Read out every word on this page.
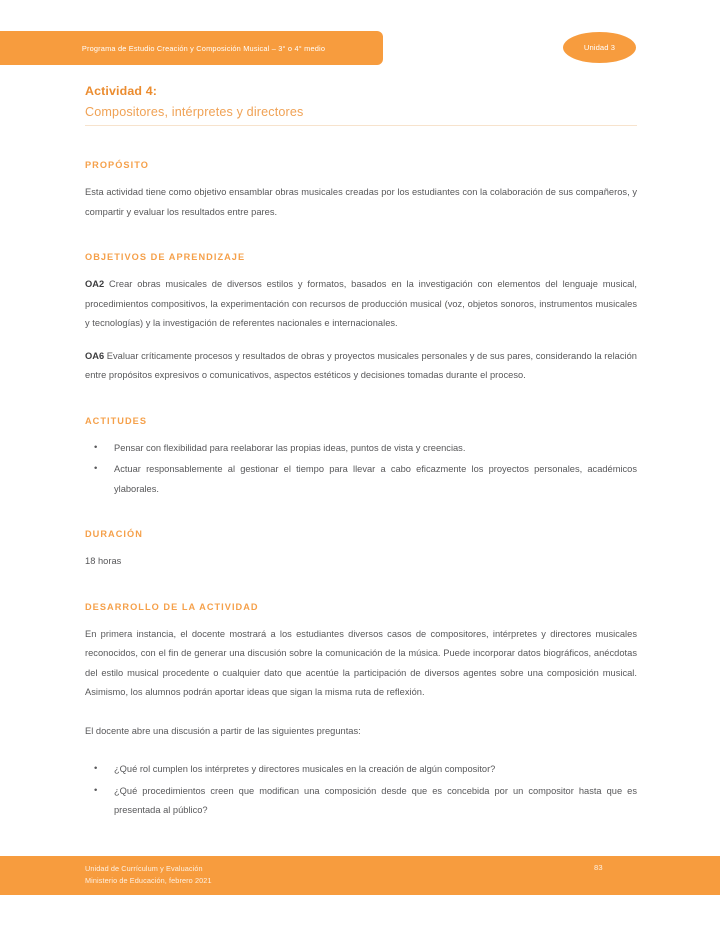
Programa de Estudio Creación y Composición Musical – 3° o 4° medio	Unidad 3
Actividad 4:
Compositores, intérpretes y directores
PROPÓSITO

Esta actividad tiene como objetivo ensamblar obras musicales creadas por los estudiantes con la colaboración de sus compañeros, y compartir y evaluar los resultados entre pares.

OBJETIVOS DE APRENDIZAJE

OA2 Crear obras musicales de diversos estilos y formatos, basados en la investigación con elementos del lenguaje musical, procedimientos compositivos, la experimentación con recursos de producción musical (voz, objetos sonoros, instrumentos musicales y tecnologías) y la investigación de referentes nacionales e internacionales.

OA6 Evaluar críticamente procesos y resultados de obras y proyectos musicales personales y de sus pares, considerando la relación entre propósitos expresivos o comunicativos, aspectos estéticos y decisiones tomadas durante el proceso.

ACTITUDES
• Pensar con flexibilidad para reelaborar las propias ideas, puntos de vista y creencias.
• Actuar responsablemente al gestionar el tiempo para llevar a cabo eficazmente los proyectos personales, académicos ylaborales.
DURACIÓN

18 horas

DESARROLLO DE LA ACTIVIDAD

En primera instancia, el docente mostrará a los estudiantes diversos casos de compositores, intérpretes y directores musicales reconocidos, con el fin de generar una discusión sobre la comunicación de la música. Puede incorporar datos biográficos, anécdotas del estilo musical procedente o cualquier dato que acentúe la participación de diversos agentes sobre una composición musical. Asimismo, los alumnos podrán aportar ideas que sigan la misma ruta de reflexión.

El docente abre una discusión a partir de las siguientes preguntas:

• ¿Qué rol cumplen los intérpretes y directores musicales en la creación de algún compositor?
• ¿Qué procedimientos creen que modifican una composición desde que es concebida por un compositor hasta que es presentada al público?
Unidad de Currículum y Evaluación
Ministerio de Educación, febrero 2021
83
